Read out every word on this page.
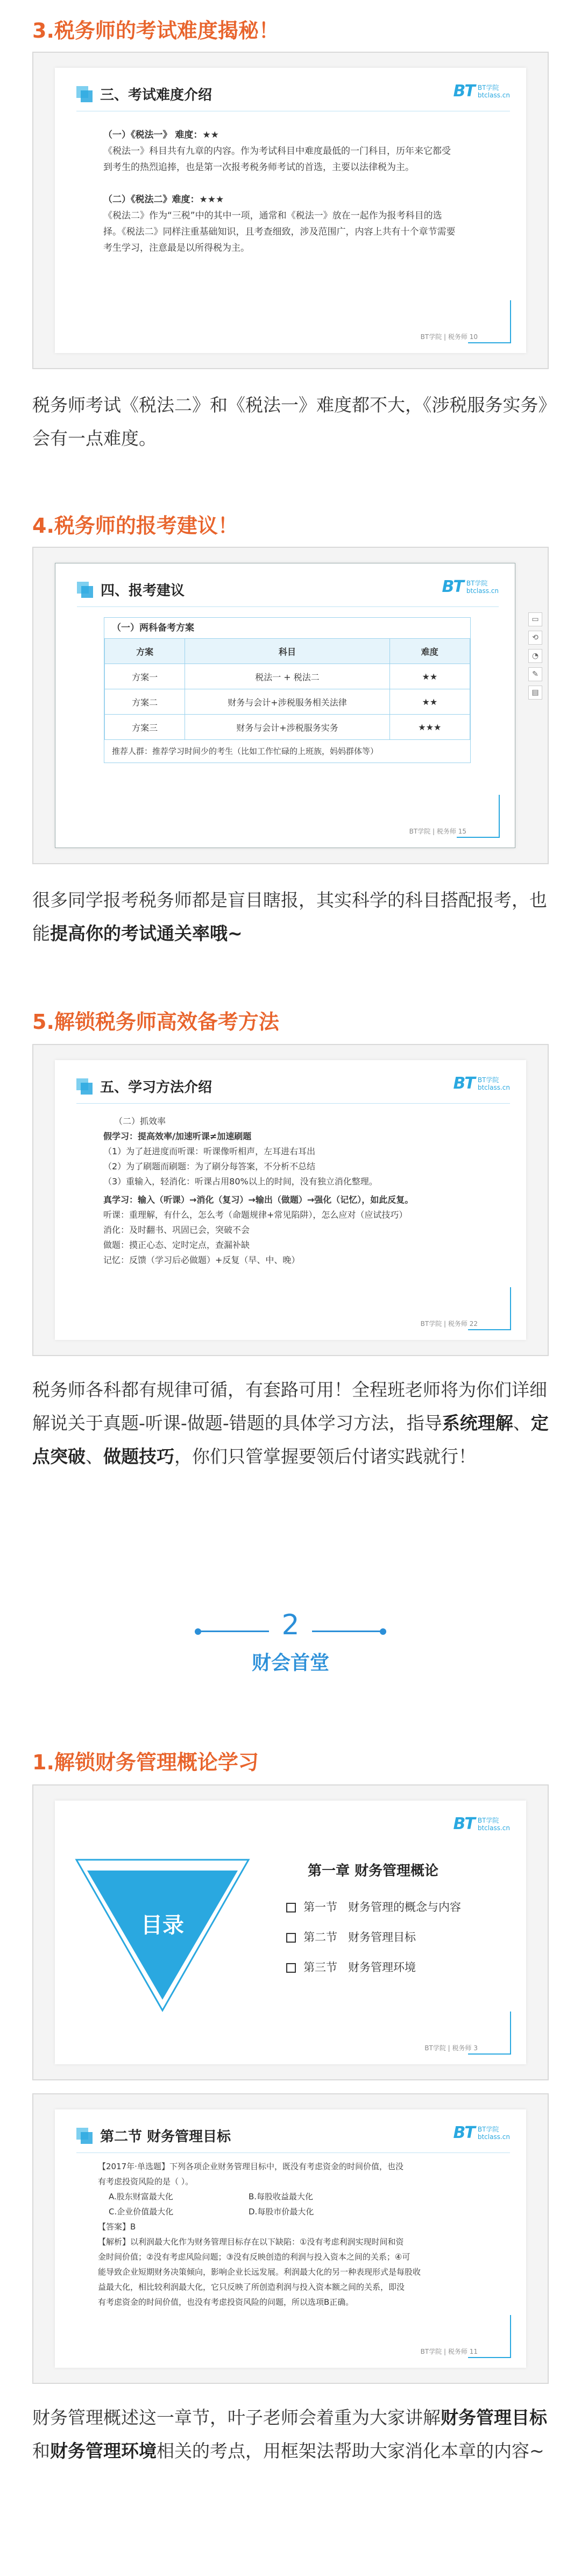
3.税务师的考试难度揭秘！
三、考试难度介绍	BT BT学院
btclass.cn
（一）《税法一》 难度：★★
《税法一》科目共有九章的内容。作为考试科目中难度最低的一门科目，历年来它都受
到考生的热烈追捧，也是第一次报考税务师考试的首选，主要以法律税为主。
（二）《税法二》难度：★★★
《税法二》作为“三税”中的其中一项，通常和《税法一》放在一起作为报考科目的选
择。《税法二》同样注重基础知识，且考查细致，涉及范围广，内容上共有十个章节需要
考生学习，注意最是以所得税为主。
BT学院 | 税务师 10
税务师考试《税法二》和《税法一》难度都不大，《涉税服务实务》会有一点难度。
4.税务师的报考建议！
四、报考建议	BT BT学院
btclass.cn
（一）两科备考方案
方案	科目	难度
方案一	税法一 + 税法二	★★
方案二	财务与会计+涉税服务相关法律	★★
方案三	财务与会计+涉税服务实务	★★★
推荐人群：推荐学习时间少的考生（比如工作忙碌的上班族，妈妈群体等）
BT学院 | 税务师 15
▭
⟲
◔
✎
▤
很多同学报考税务师都是盲目瞎报，其实科学的科目搭配报考，也能提高你的考试通关率哦~
5.解锁税务师高效备考方法
五、学习方法介绍	BT BT学院
btclass.cn
（二）抓效率
假学习：提高效率/加速听课≠加速刷题
（1）为了赶进度而听课：听课像听相声，左耳进右耳出
（2）为了刷题而刷题：为了刷分每答案，不分析不总结
（3）重输入，轻消化：听课占用80%以上的时间，没有独立消化整理。
真学习：输入（听课）→消化（复习）→输出（做题）→强化（记忆），如此反复。
听课：重理解，有什么，怎么考（命题规律+常见陷阱），怎么应对（应试技巧）
消化：及时翻书、巩固已会，突破不会
做题：摸正心态、定时定点，查漏补缺
记忆：反馈（学习后必做题）+反复（早、中、晚）
BT学院 | 税务师 22
税务师各科都有规律可循，有套路可用！全程班老师将为你们详细解说关于真题-听课-做题-错题的具体学习方法，指导系统理解、定点突破、做题技巧，你们只管掌握要领后付诸实践就行！
2
财会首堂
1.解锁财务管理概论学习
BT BT学院
btclass.cn
目录
第一章 财务管理概论
第一节 财务管理的概念与内容
第二节 财务管理目标
第三节 财务管理环境
BT学院 | 税务师 3
第二节 财务管理目标	BT BT学院
btclass.cn
【2017年·单选题】下列各项企业财务管理目标中，既没有考虑资金的时间价值，也没
有考虑投资风险的是（ ）。
A.股东财富最大化	B.每股收益最大化
C.企业价值最大化	D.每股市价最大化
【答案】B
【解析】以利润最大化作为财务管理目标存在以下缺陷：①没有考虑利润实现时间和资
金时间价值；②没有考虑风险问题；③没有反映创造的利润与投入资本之间的关系；④可
能导致企业短期财务决策倾向，影响企业长远发展。利润最大化的另一种表现形式是每股收
益最大化，相比较利润最大化，它只反映了所创造利润与投入资本额之间的关系，即没
有考虑资金的时间价值，也没有考虑投资风险的问题，所以选项B正确。
BT学院 | 税务师 11
财务管理概述这一章节，叶子老师会着重为大家讲解财务管理目标和财务管理环境相关的考点，用框架法帮助大家消化本章的内容~
